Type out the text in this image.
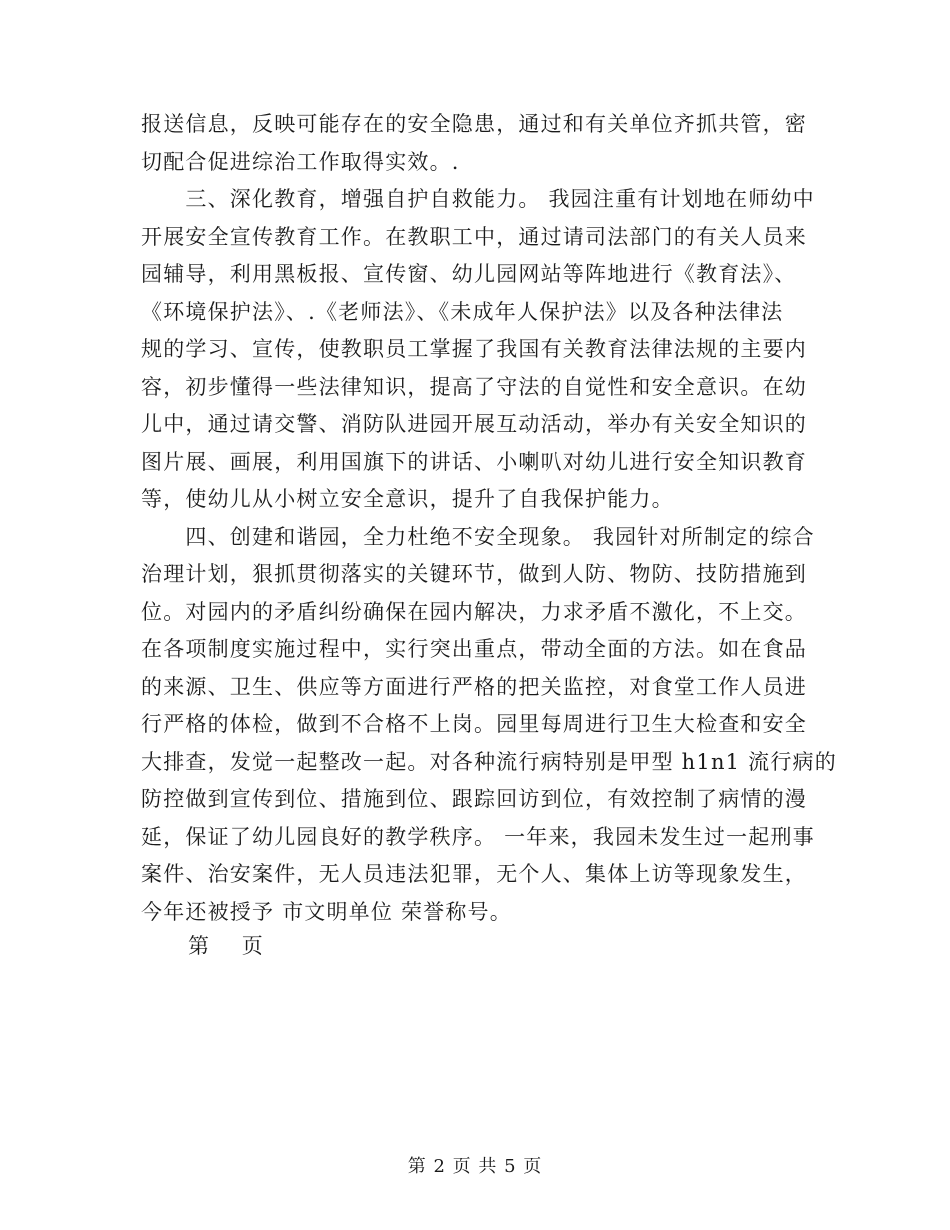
报送信息，反映可能存在的安全隐患，通过和有关单位齐抓共管，密
切配合促进综治工作取得实效。.
　　三、深化教育，增强自护自救能力。 我园注重有计划地在师幼中
开展安全宣传教育工作。在教职工中，通过请司法部门的有关人员来
园辅导，利用黑板报、宣传窗、幼儿园网站等阵地进行《教育法》、
《环境保护法》、.《老师法》、《未成年人保护法》以及各种法律法
规的学习、宣传，使教职员工掌握了我国有关教育法律法规的主要内
容，初步懂得一些法律知识，提高了守法的自觉性和安全意识。在幼
儿中，通过请交警、消防队进园开展互动活动，举办有关安全知识的
图片展、画展，利用国旗下的讲话、小喇叭对幼儿进行安全知识教育
等，使幼儿从小树立安全意识，提升了自我保护能力。
　　四、创建和谐园，全力杜绝不安全现象。 我园针对所制定的综合
治理计划，狠抓贯彻落实的关键环节，做到人防、物防、技防措施到
位。对园内的矛盾纠纷确保在园内解决，力求矛盾不激化，不上交。
在各项制度实施过程中，实行突出重点，带动全面的方法。如在食品
的来源、卫生、供应等方面进行严格的把关监控，对食堂工作人员进
行严格的体检，做到不合格不上岗。园里每周进行卫生大检查和安全
大排查，发觉一起整改一起。对各种流行病特别是甲型 h1n1 流行病的
防控做到宣传到位、措施到位、跟踪回访到位，有效控制了病情的漫
延，保证了幼儿园良好的教学秩序。 一年来，我园未发生过一起刑事
案件、治安案件，无人员违法犯罪，无个人、集体上访等现象发生，
今年还被授予 市文明单位 荣誉称号。
第    页
第 2 页 共 5 页
